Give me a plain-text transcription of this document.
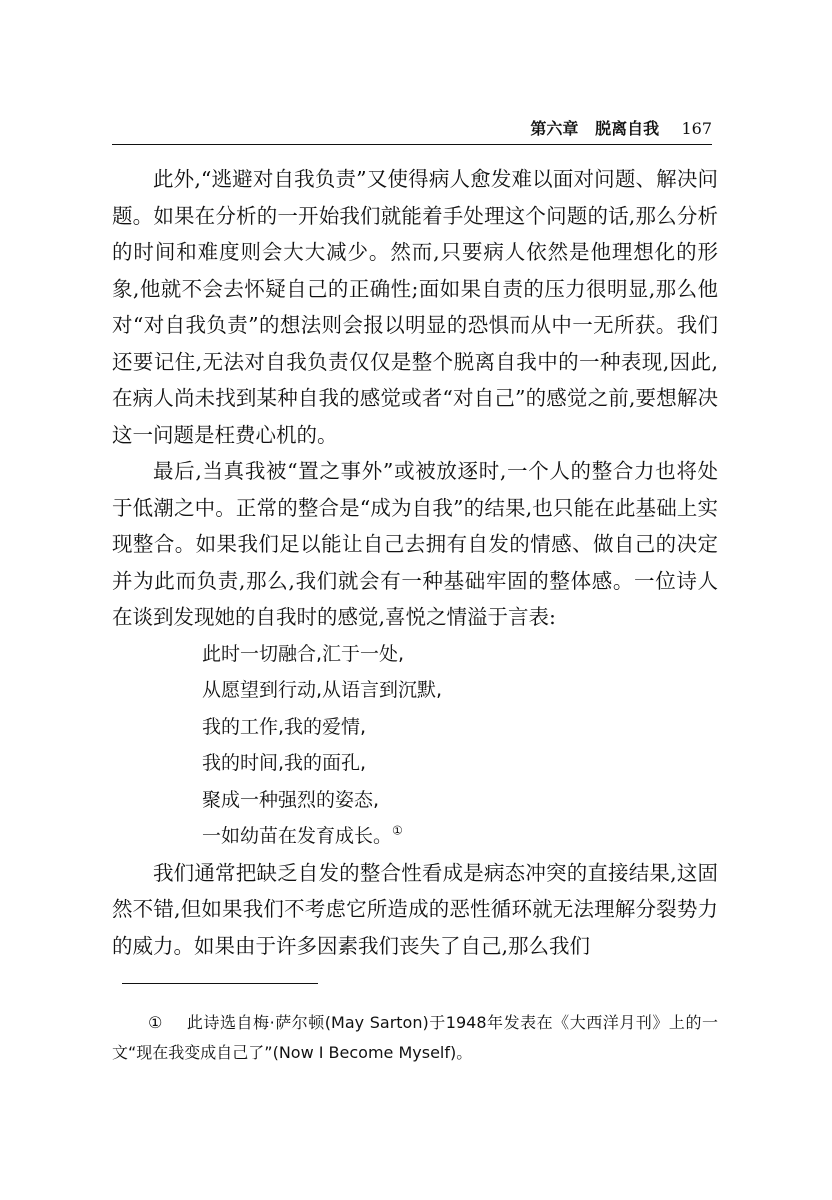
第六章 脱离自我 167

此外,“逃避对自我负责”又使得病人愈发难以面对问题、解决问题。如果在分析的一开始我们就能着手处理这个问题的话,那么分析的时间和难度则会大大减少。然而,只要病人依然是他理想化的形象,他就不会去怀疑自己的正确性;面如果自责的压力很明显,那么他对“对自我负责”的想法则会报以明显的恐惧而从中一无所获。我们还要记住,无法对自我负责仅仅是整个脱离自我中的一种表现,因此,在病人尚未找到某种自我的感觉或者“对自己”的感觉之前,要想解决这一问题是枉费心机的。

最后,当真我被“置之事外”或被放逐时,一个人的整合力也将处于低潮之中。正常的整合是“成为自我”的结果,也只能在此基础上实现整合。如果我们足以能让自己去拥有自发的情感、做自己的决定并为此而负责,那么,我们就会有一种基础牢固的整体感。一位诗人在谈到发现她的自我时的感觉,喜悦之情溢于言表:

此时一切融合,汇于一处,
从愿望到行动,从语言到沉默,
我的工作,我的爱情,
我的时间,我的面孔,
聚成一种强烈的姿态,
一如幼苗在发育成长。①

我们通常把缺乏自发的整合性看成是病态冲突的直接结果,这固然不错,但如果我们不考虑它所造成的恶性循环就无法理解分裂势力的威力。如果由于许多因素我们丧失了自己,那么我们

① 此诗选自梅·萨尔顿(May Sarton)于1948年发表在《大西洋月刊》上的一文“现在我变成自己了”(Now I Become Myself)。
